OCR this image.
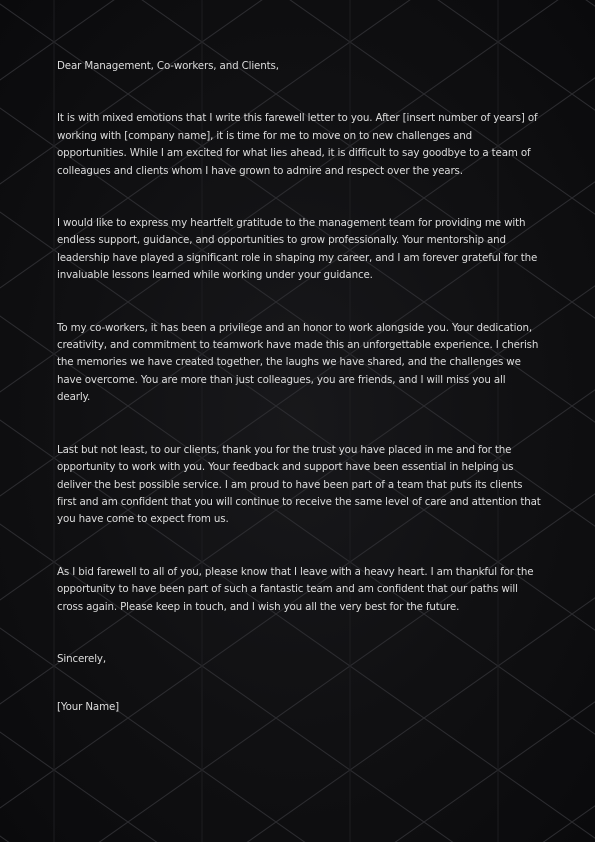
Dear Management, Co-workers, and Clients,

It is with mixed emotions that I write this farewell letter to you. After [insert number of years] of working with [company name], it is time for me to move on to new challenges and opportunities. While I am excited for what lies ahead, it is difficult to say goodbye to a team of colleagues and clients whom I have grown to admire and respect over the years.

I would like to express my heartfelt gratitude to the management team for providing me with endless support, guidance, and opportunities to grow professionally. Your mentorship and leadership have played a significant role in shaping my career, and I am forever grateful for the invaluable lessons learned while working under your guidance.

To my co-workers, it has been a privilege and an honor to work alongside you. Your dedication, creativity, and commitment to teamwork have made this an unforgettable experience. I cherish the memories we have created together, the laughs we have shared, and the challenges we have overcome. You are more than just colleagues, you are friends, and I will miss you all dearly.

Last but not least, to our clients, thank you for the trust you have placed in me and for the opportunity to work with you. Your feedback and support have been essential in helping us deliver the best possible service. I am proud to have been part of a team that puts its clients first and am confident that you will continue to receive the same level of care and attention that you have come to expect from us.

As I bid farewell to all of you, please know that I leave with a heavy heart. I am thankful for the opportunity to have been part of such a fantastic team and am confident that our paths will cross again. Please keep in touch, and I wish you all the very best for the future.

Sincerely,

[Your Name]
